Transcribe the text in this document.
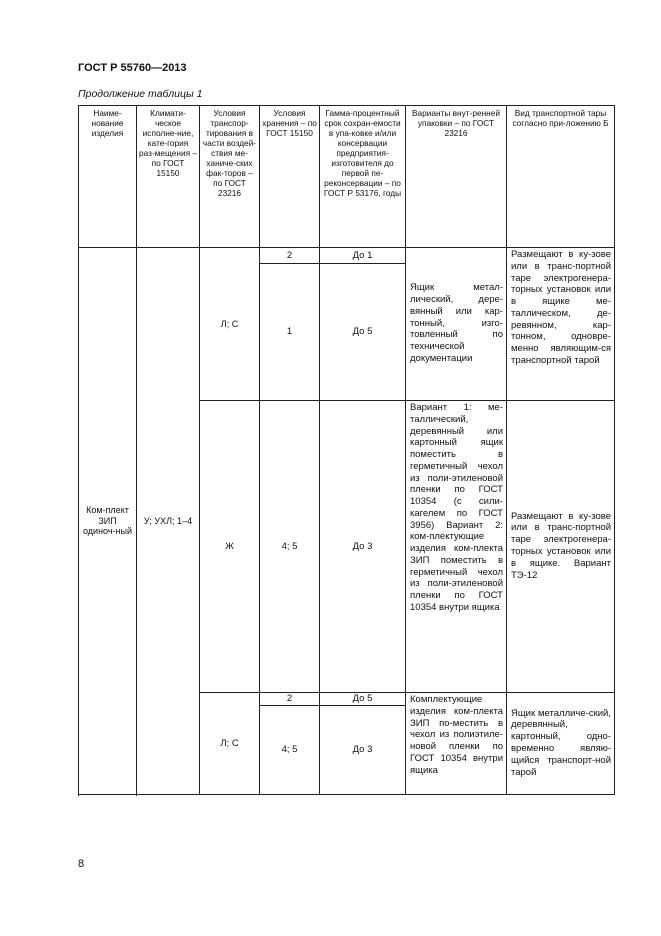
ГОСТ Р 55760—2013
Продолжение таблицы 1
Наиме-нование изделия	Климати-ческое исполне-ние, кате-гория раз-мещения – по ГОСТ 15150	Условия транспор-тирования в части воздей-ствия ме-ханиче-ских фак-торов – по ГОСТ 23216	Условия хранения – по ГОСТ 15150	Гамма-процентный срок сохран-емости в упа-ковке и/или консервации предприятия-изготовителя до первой пе-реконсервации – по ГОСТ Р 53176, годы	Варианты внут-ренней упаковки – по ГОСТ 23216	Вид транспортной тары согласно при-ложению Б
Ком-плект ЗИП одиноч-ный	У; УХЛ; 1–4	Л; С	2	До 1	Ящик метал-лический, дере-вянный или кар-тонный, изго-товленный по технической документации	Размещают в ку-зове или в транс-портной таре электрогенера-торных установок или в ящике ме-таллическом, де-ревянном, кар-тонном, одновре-менно являющим-ся транспортной тарой
			1	До 5		
		Ж	4; 5	До 3	Вариант 1: ме-таллический, деревянный или картонный ящик поместить в герметичный чехол из поли-этиленовой пленки по ГОСТ 10354 (с сили-кагелем по ГОСТ 3956) Вариант 2: ком-плектующие изделия ком-плекта ЗИП поместить в герметичный чехол из поли-этиленовой пленки по ГОСТ 10354 внутри ящика	Размещают в ку-зове или в транс-портной таре электрогенера-торных установок или в ящике. Вариант ТЭ-12
		Л; С	2	До 5	Комплектующие изделия ком-плекта ЗИП по-местить в чехол из полиэтиле-новой пленки по ГОСТ 10354 внутри ящика	Ящик металличе-ский, деревянный, картонный, одно-временно являю-щийся транспорт-ной тарой
			4; 5	До 3		

8
